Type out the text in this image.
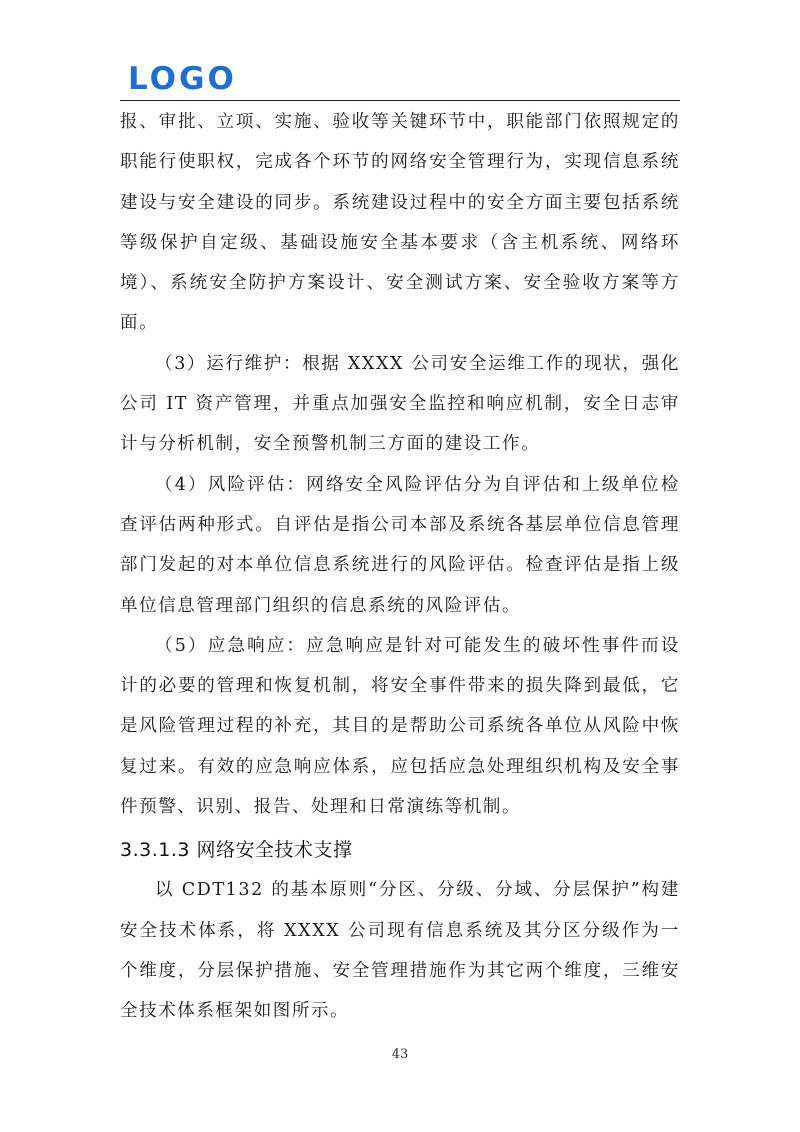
LOGO

报、审批、立项、实施、验收等关键环节中，职能部门依照规定的职能行使职权，完成各个环节的网络安全管理行为，实现信息系统建设与安全建设的同步。系统建设过程中的安全方面主要包括系统等级保护自定级、基础设施安全基本要求（含主机系统、网络环境）、系统安全防护方案设计、安全测试方案、安全验收方案等方面。

（3）运行维护：根据 XXXX 公司安全运维工作的现状，强化公司 IT 资产管理，并重点加强安全监控和响应机制，安全日志审计与分析机制，安全预警机制三方面的建设工作。

（4）风险评估：网络安全风险评估分为自评估和上级单位检查评估两种形式。自评估是指公司本部及系统各基层单位信息管理部门发起的对本单位信息系统进行的风险评估。检查评估是指上级单位信息管理部门组织的信息系统的风险评估。

（5）应急响应：应急响应是针对可能发生的破坏性事件而设计的必要的管理和恢复机制，将安全事件带来的损失降到最低，它是风险管理过程的补充，其目的是帮助公司系统各单位从风险中恢复过来。有效的应急响应体系，应包括应急处理组织机构及安全事件预警、识别、报告、处理和日常演练等机制。

3.3.1.3 网络安全技术支撑

以 CDT132 的基本原则“分区、分级、分域、分层保护”构建安全技术体系，将 XXXX 公司现有信息系统及其分区分级作为一个维度，分层保护措施、安全管理措施作为其它两个维度，三维安全技术体系框架如图所示。

43
